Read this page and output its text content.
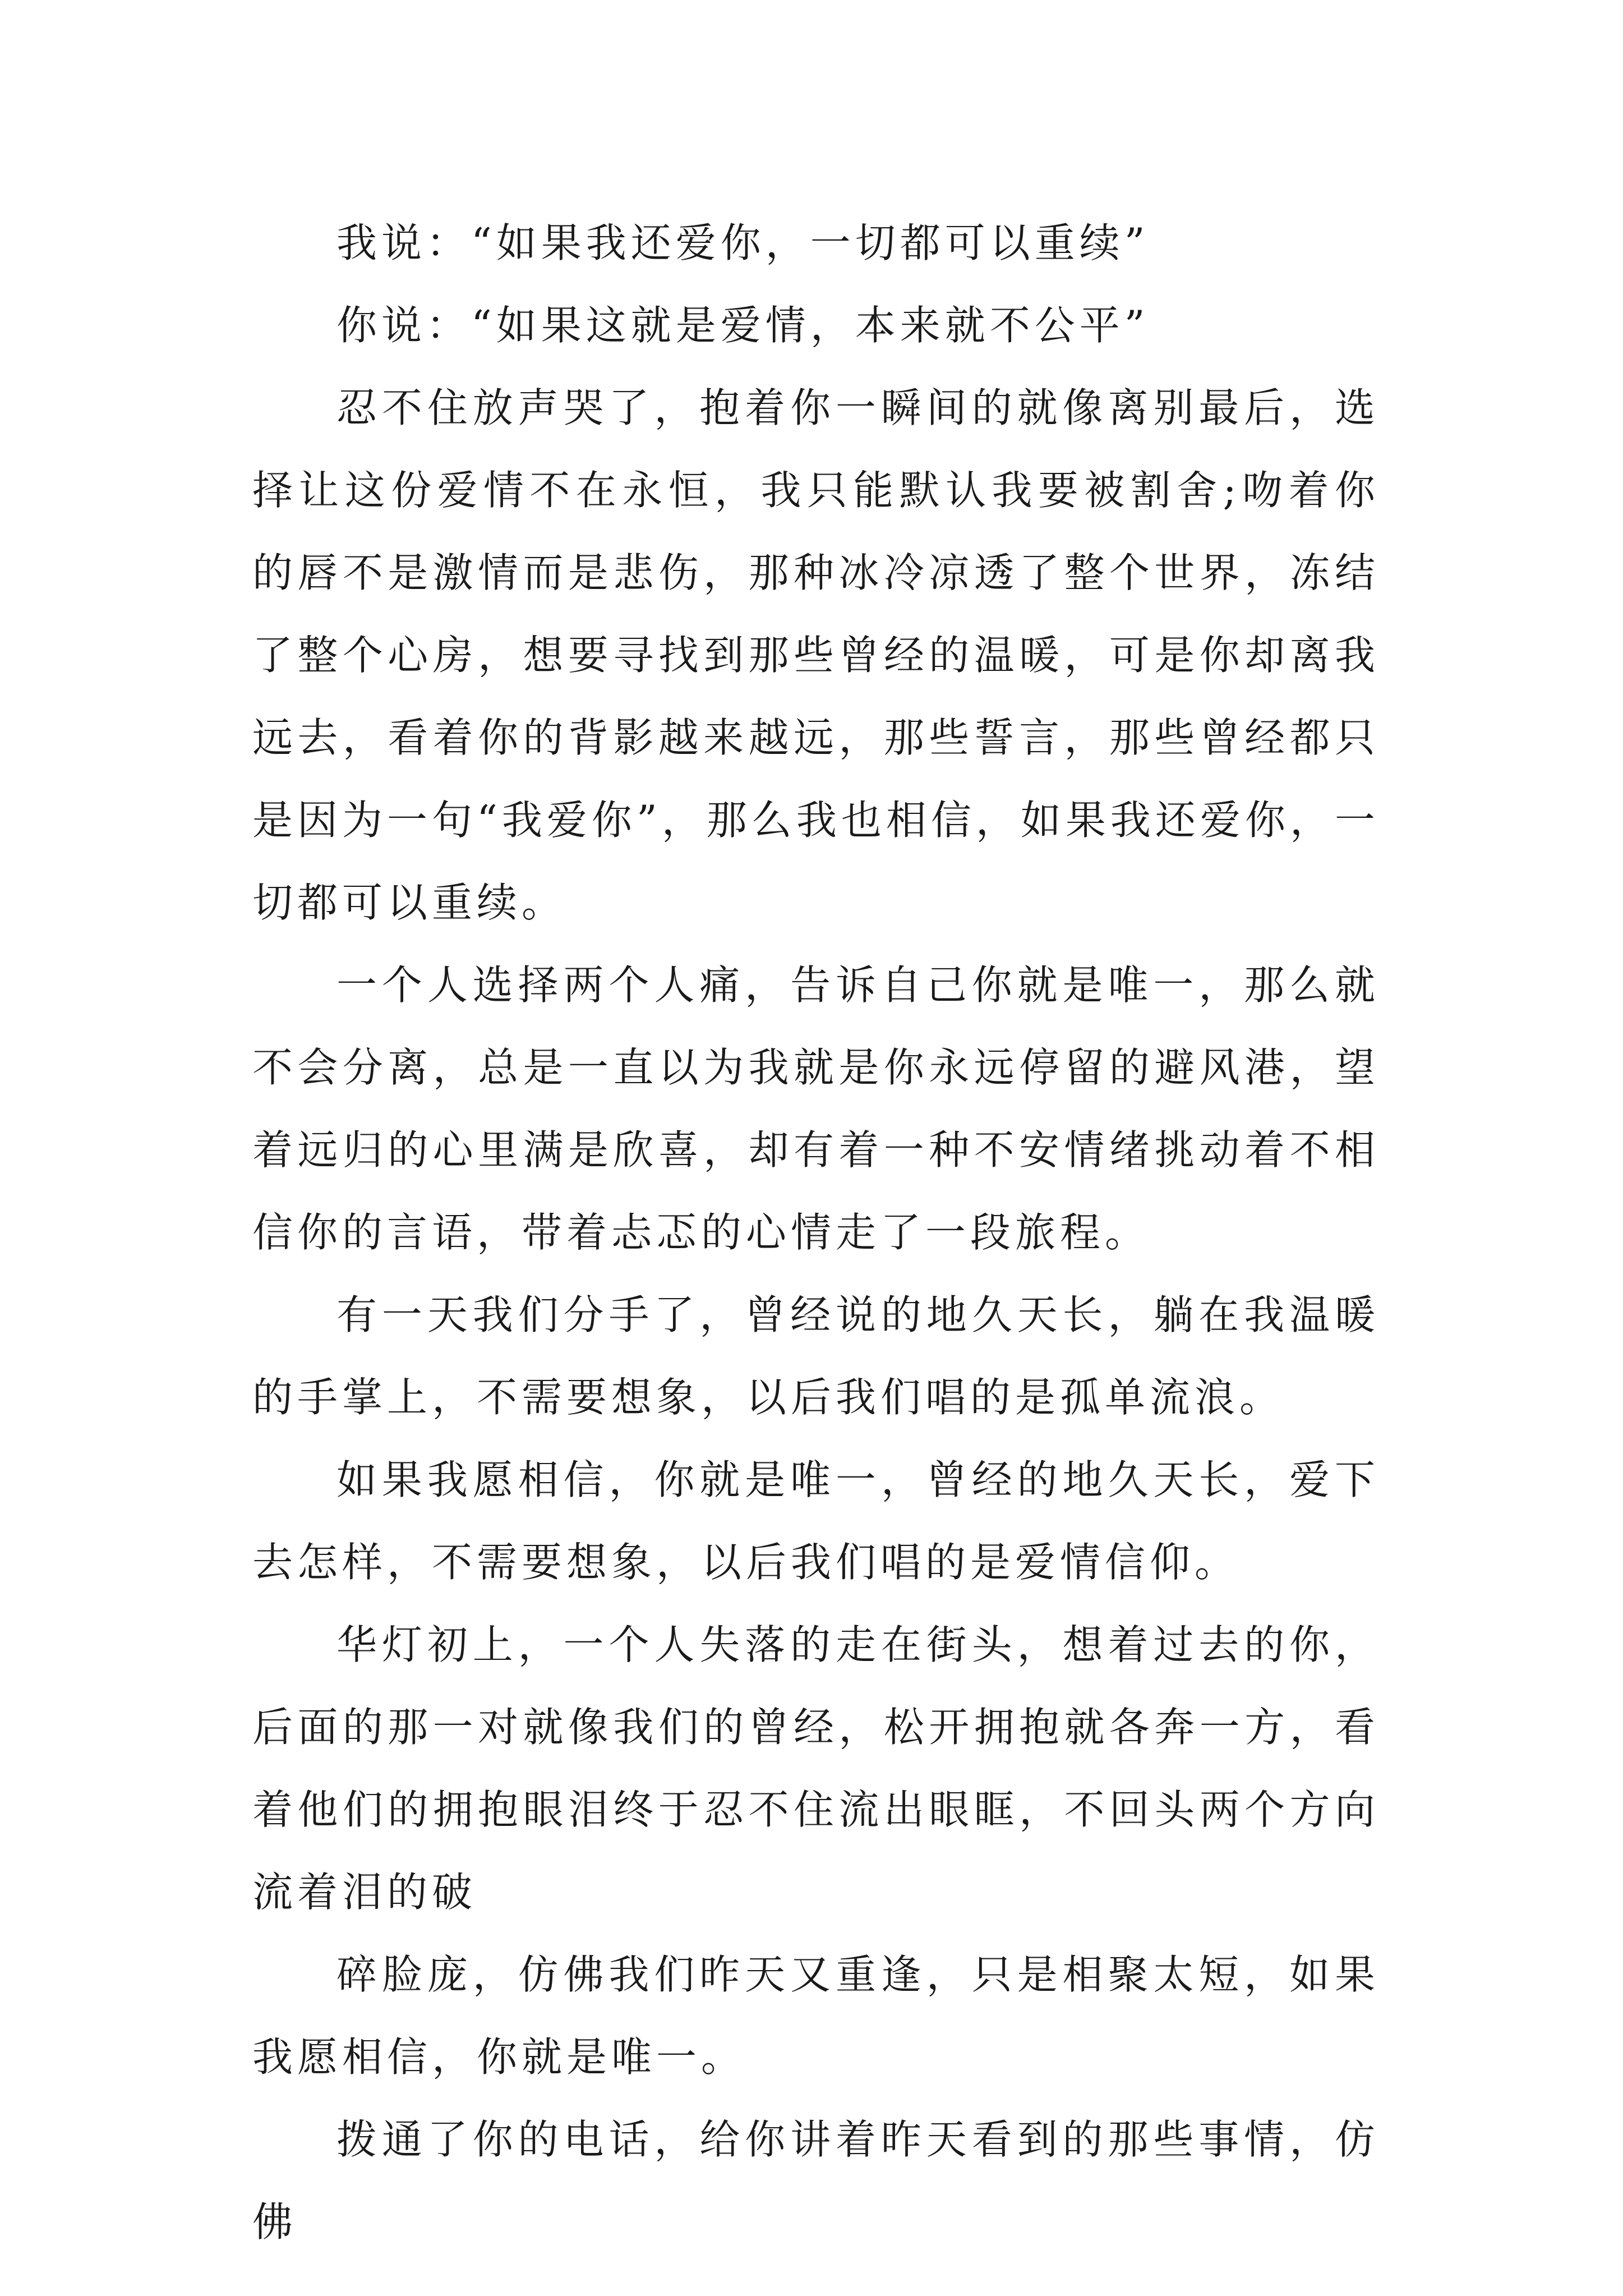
我说：“如果我还爱你，一切都可以重续”

你说：“如果这就是爱情，本来就不公平”

忍不住放声哭了，抱着你一瞬间的就像离别最后，选择让这份爱情不在永恒，我只能默认我要被割舍;吻着你的唇不是激情而是悲伤，那种冰冷凉透了整个世界，冻结了整个心房，想要寻找到那些曾经的温暖，可是你却离我远去，看着你的背影越来越远，那些誓言，那些曾经都只是因为一句“我爱你”，那么我也相信，如果我还爱你，一切都可以重续。

一个人选择两个人痛，告诉自己你就是唯一，那么就不会分离，总是一直以为我就是你永远停留的避风港，望着远归的心里满是欣喜，却有着一种不安情绪挑动着不相信你的言语，带着忐忑的心情走了一段旅程。

有一天我们分手了，曾经说的地久天长，躺在我温暖的手掌上，不需要想象，以后我们唱的是孤单流浪。

如果我愿相信，你就是唯一，曾经的地久天长，爱下去怎样，不需要想象，以后我们唱的是爱情信仰。

华灯初上，一个人失落的走在街头，想着过去的你，后面的那一对就像我们的曾经，松开拥抱就各奔一方，看着他们的拥抱眼泪终于忍不住流出眼眶，不回头两个方向流着泪的破

碎脸庞，仿佛我们昨天又重逢，只是相聚太短，如果我愿相信，你就是唯一。

拨通了你的电话，给你讲着昨天看到的那些事情，仿佛
